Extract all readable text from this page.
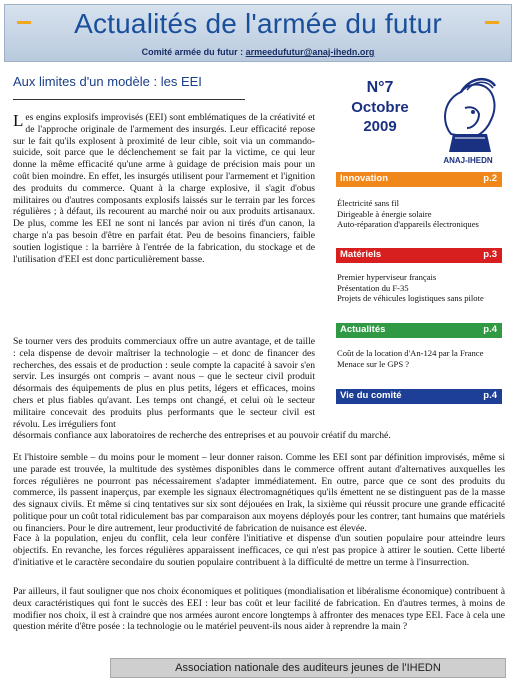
Actualités de l'armée du futur
Comité armée du futur : armeedufutur@anaj-ihedn.org
Aux limites d'un modèle : les EEI
Les engins explosifs improvisés (EEI) sont emblématiques de la créativité et de l'approche originale de l'armement des insurgés. Leur efficacité repose sur le fait qu'ils explosent à proximité de leur cible, soit via un commando-suicide, soit parce que le déclenchement se fait par la victime, ce qui leur donne la même efficacité qu'une arme à guidage de précision mais pour un coût bien moindre. En effet, les insurgés utilisent pour l'armement et l'ignition des produits du commerce. Quant à la charge explosive, il s'agit d'obus militaires ou d'autres composants explosifs laissés sur le terrain par les forces régulières ; à défaut, ils recourent au marché noir ou aux produits artisanaux. De plus, comme les EEI ne sont ni lancés par avion ni tirés d'un canon, la charge n'a pas besoin d'être en parfait état. Peu de besoins financiers, faible soutien logistique : la barrière à l'entrée de la fabrication, du stockage et de l'utilisation d'EEI est donc particulièrement basse.
Se tourner vers des produits commerciaux offre un autre avantage, et de taille : cela dispense de devoir maîtriser la technologie – et donc de financer des recherches, des essais et de production : seule compte la capacité à savoir s'en servir. Les insurgés ont compris – avant nous – que le secteur civil produit désormais des équipements de plus en plus petits, légers et efficaces, moins chers et plus fiables qu'avant. Les temps ont changé, et celui où le secteur militaire concevait des produits plus performants que le secteur civil est révolu. Les irréguliers font
désormais confiance aux laboratoires de recherche des entreprises et au pouvoir créatif du marché.
Et l'histoire semble – du moins pour le moment – leur donner raison. Comme les EEI sont par définition improvisés, même si une parade est trouvée, la multitude des systèmes disponibles dans le commerce offrent autant d'alternatives auxquelles les forces régulières ne pourront pas nécessairement s'adapter immédiatement. En outre, parce que ce sont des produits du commerce, ils passent inaperçus, par exemple les signaux électromagnétiques qu'ils émettent ne se distinguent pas de la masse des signaux civils. Et même si cinq tentatives sur six sont déjouées en Irak, la sixième qui réussit procure une grande efficacité politique pour un coût total ridiculement bas par comparaison aux moyens déployés pour les contrer, tant humains que matériels ou financiers. Pour le dire autrement, leur productivité de fabrication de nuisance est élevée.
Face à la population, enjeu du conflit, cela leur confère l'initiative et dispense d'un soutien populaire pour atteindre leurs objectifs. En revanche, les forces régulières apparaissent inefficaces, ce qui n'est pas propice à attirer le soutien. Cette liberté d'initiative et le caractère secondaire du soutien populaire contribuent à la difficulté de mettre un terme à l'insurrection.
Par ailleurs, il faut souligner que nos choix économiques et politiques (mondialisation et libéralisme économique) contribuent à deux caractéristiques qui font le succès des EEI : leur bas coût et leur facilité de fabrication. En d'autres termes, à moins de modifier nos choix, il est à craindre que nos armées auront encore longtemps à affronter des menaces type EEI. Face à cela une question mérite d'être posée : la technologie ou le matériel peuvent-ils nous aider à reprendre la main ?
N°7
Octobre
2009
ANAJ-IHEDN
Innovation	p.2
Électricité sans fil
Dirigeable à énergie solaire
Auto-réparation d'appareils électroniques
Matériels	p.3
Premier hyperviseur français
Présentation du F-35
Projets de véhicules logistiques sans pilote
Actualités	p.4
Coût de la location d'An-124 par la France
Menace sur le GPS ?
Vie du comité	p.4
Association nationale des auditeurs jeunes de l'IHEDN
